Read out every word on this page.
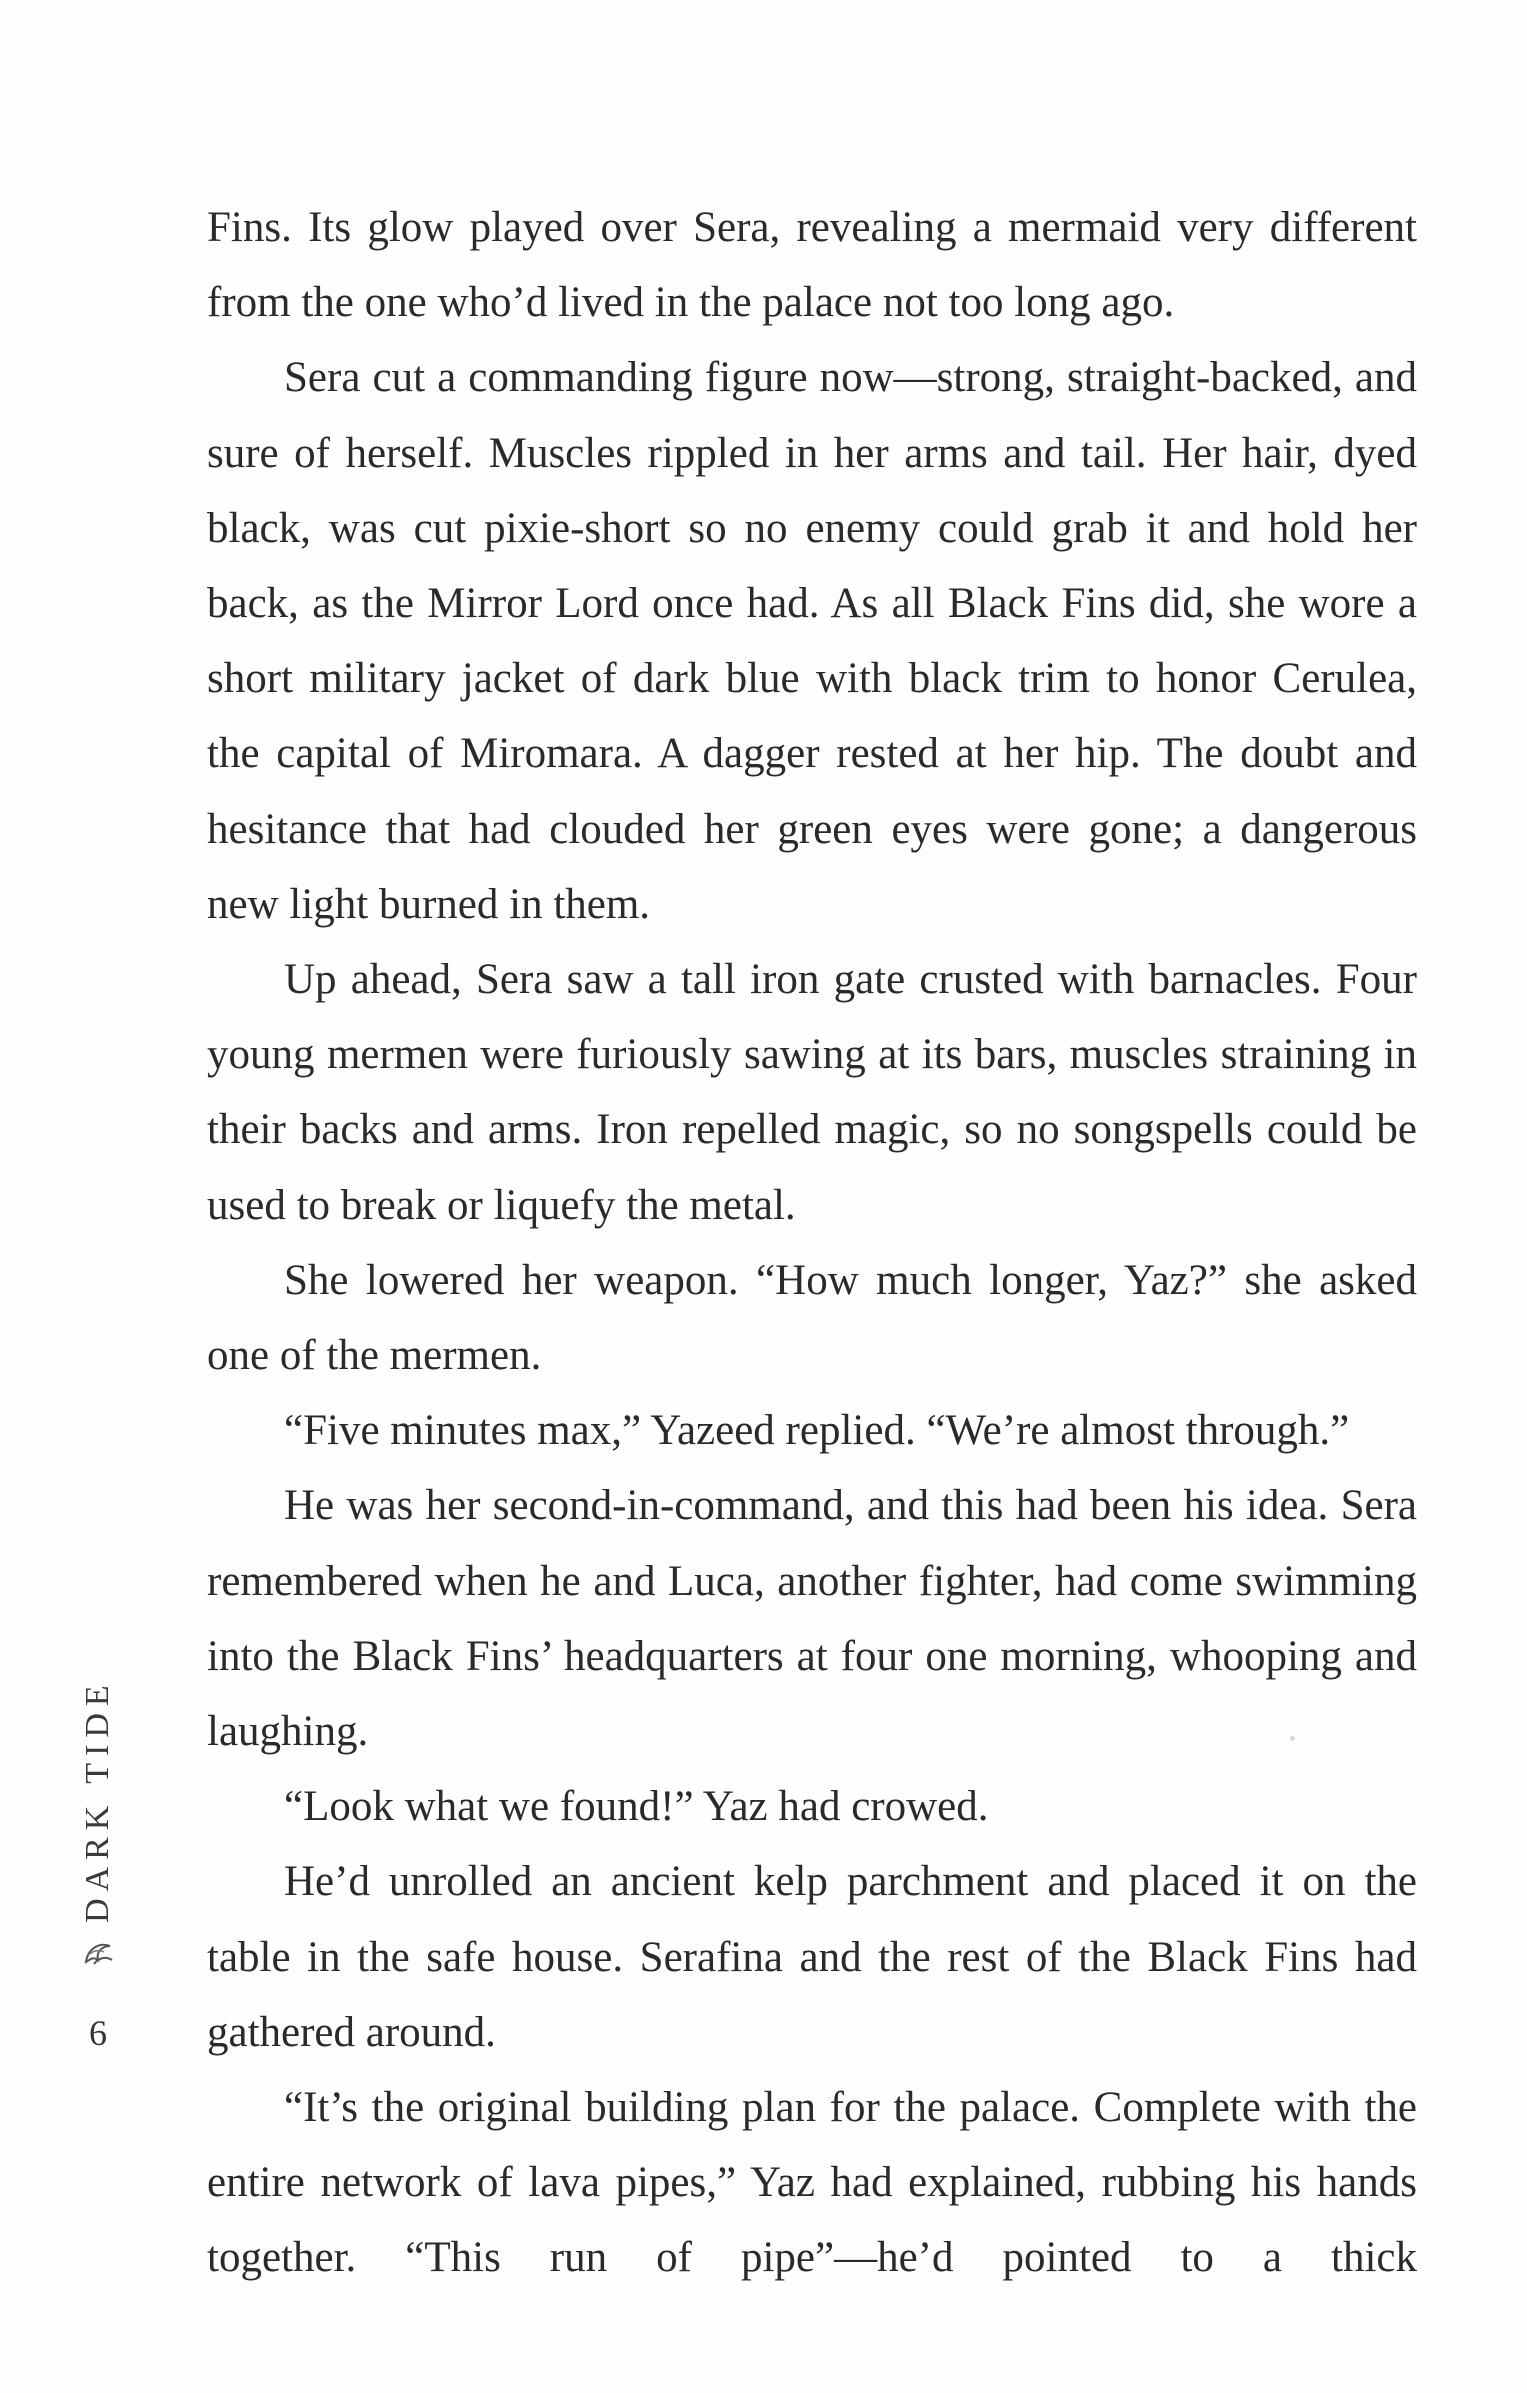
Fins. Its glow played over Sera, revealing a mermaid very different from the one who’d lived in the palace not too long ago.

Sera cut a commanding figure now—strong, straight-backed, and sure of herself. Muscles rippled in her arms and tail. Her hair, dyed black, was cut pixie-short so no enemy could grab it and hold her back, as the Mirror Lord once had. As all Black Fins did, she wore a short military jacket of dark blue with black trim to honor Cerulea, the capital of Miromara. A dagger rested at her hip. The doubt and hesitance that had clouded her green eyes were gone; a dangerous new light burned in them.

Up ahead, Sera saw a tall iron gate crusted with barnacles. Four young mermen were furiously sawing at its bars, muscles straining in their backs and arms. Iron repelled magic, so no songspells could be used to break or liquefy the metal.

She lowered her weapon. “How much longer, Yaz?” she asked one of the mermen.

“Five minutes max,” Yazeed replied. “We’re almost through.”

He was her second-in-command, and this had been his idea. Sera remembered when he and Luca, another fighter, had come swimming into the Black Fins’ headquarters at four one morning, whooping and laughing.

“Look what we found!” Yaz had crowed.

He’d unrolled an ancient kelp parchment and placed it on the table in the safe house. Serafina and the rest of the Black Fins had gathered around.

“It’s the original building plan for the palace. Complete with the entire network of lava pipes,” Yaz had explained, rubbing his hands together. “This run of pipe”—he’d pointed to a thick

DARK TIDE
6
